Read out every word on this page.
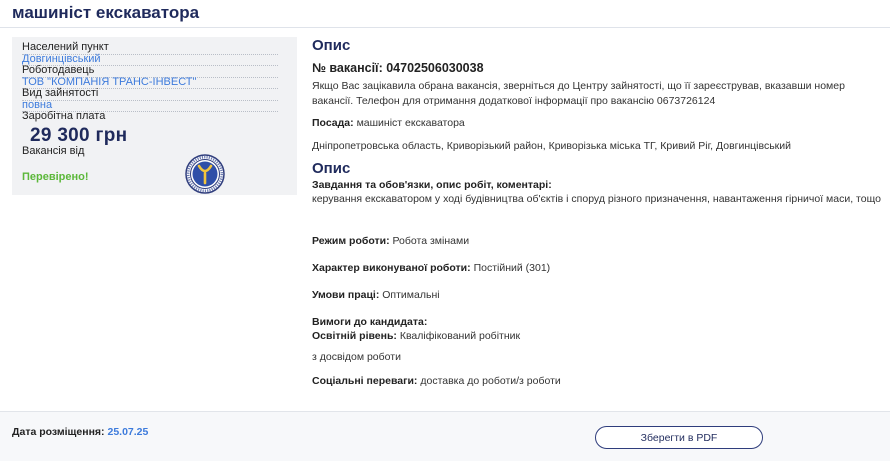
машиніст екскаватора
Населений пункт
Довгинцівський
Роботодавець
ТОВ "КОМПАНІЯ ТРАНС-ІНВЕСТ"
Вид зайнятості
повна
Заробітна плата
29 300 грн
Вакансія від
Перевірено!
Опис
№ вакансії: 04702506030038
Якщо Вас зацікавила обрана вакансія, зверніться до Центру зайнятості, що її зареєстрував, вказавши номер вакансії. Телефон для отримання додаткової інформації про вакансію 0673726124
Посада: машиніст екскаватора
Дніпропетровська область, Криворізький район, Криворізька міська ТГ, Кривий Ріг, Довгинцівський
Опис
Завдання та обов'язки, опис робіт, коментарі:
керування екскаватором у ході будівництва об'єктів і споруд різного призначення, навантаження гірничої маси, тощо
Режим роботи: Робота змінами
Характер виконуваної роботи: Постійний (301)
Умови праці: Оптимальні
Вимоги до кандидата:
Освітній рівень: Кваліфікований робітник
з досвідом роботи
Соціальні переваги: доставка до роботи/з роботи
Дата розміщення: 25.07.25	Зберегти в PDF
